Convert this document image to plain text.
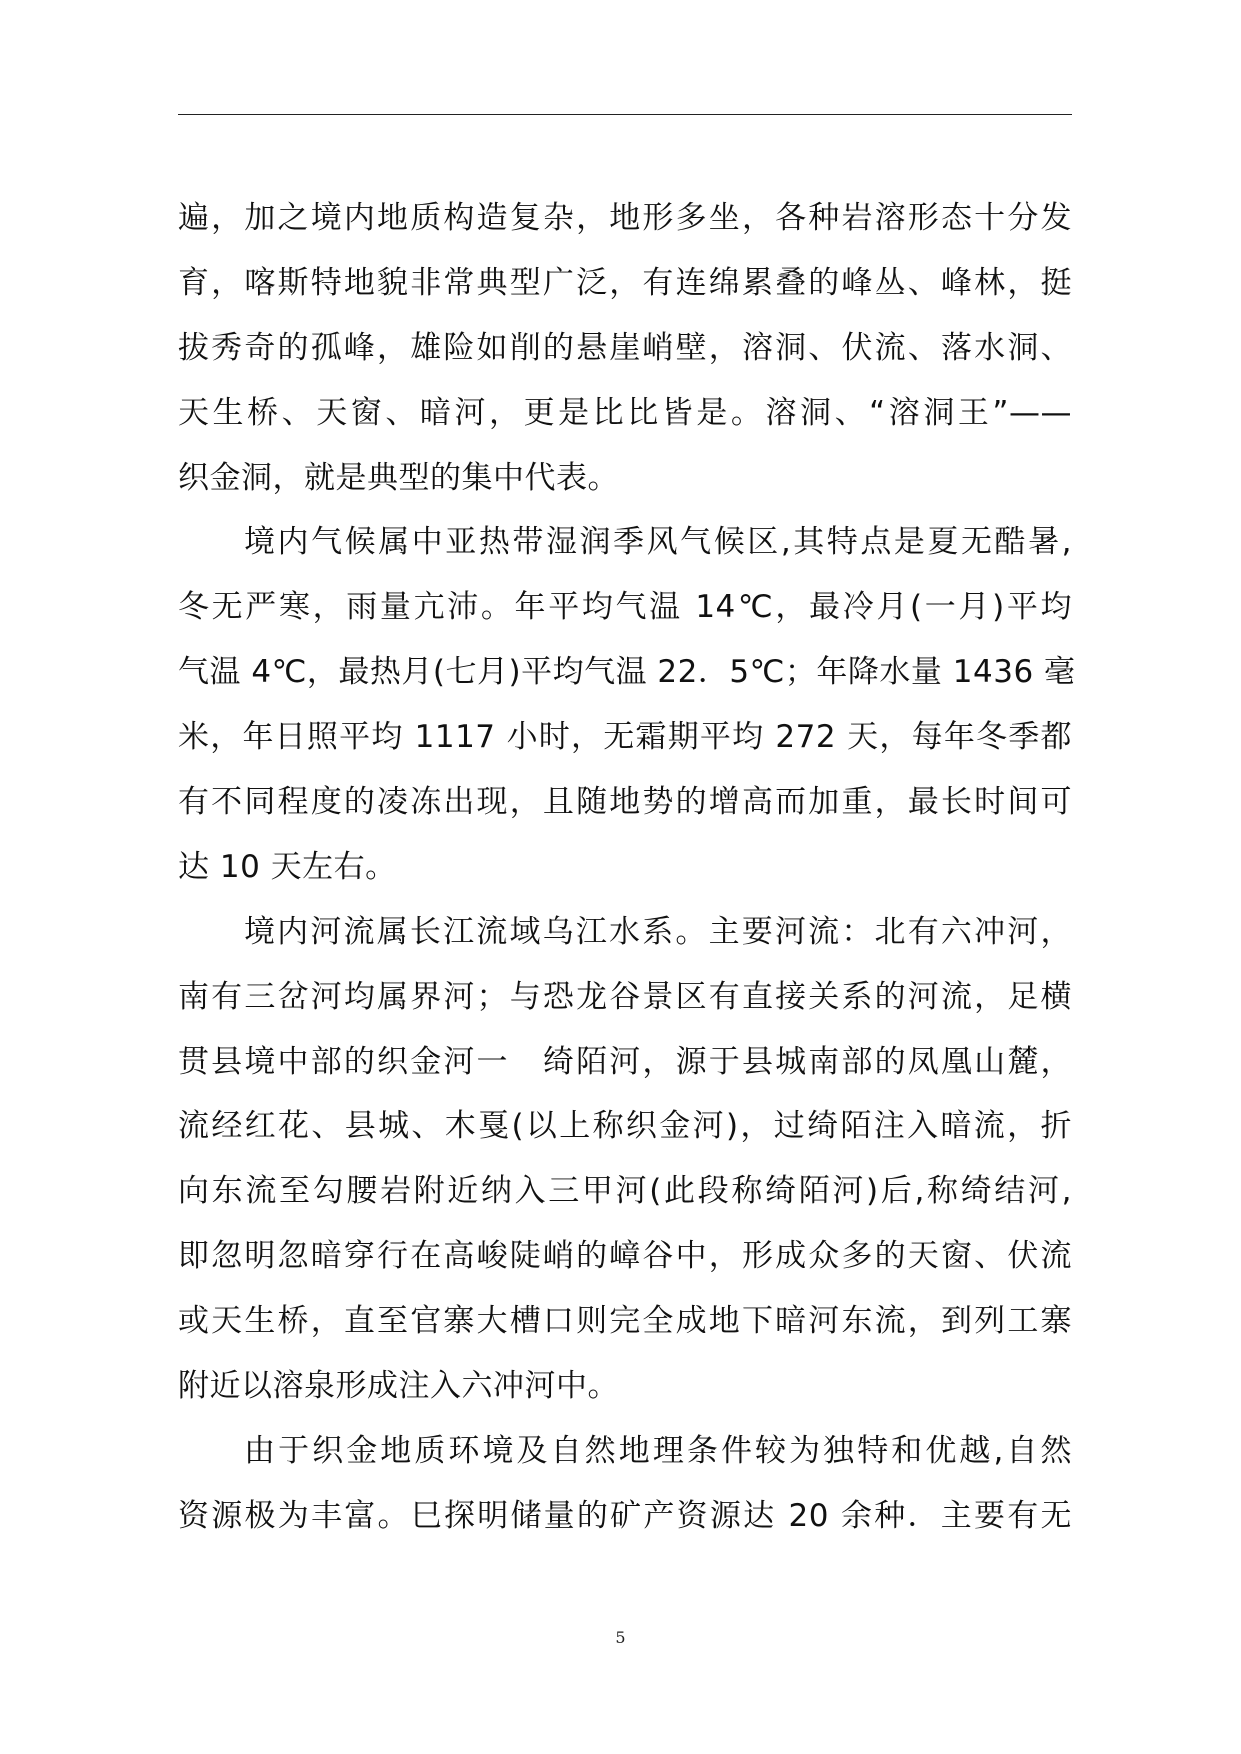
遍，加之境内地质构造复杂，地形多坐，各种岩溶形态十分发
育，喀斯特地貌非常典型广泛，有连绵累叠的峰丛、峰林，挺
拔秀奇的孤峰，雄险如削的悬崖峭壁，溶洞、伏流、落水洞、
天生桥、天窗、暗河，更是比比皆是。溶洞、“溶洞王”——
织金洞，就是典型的集中代表。
境内气候属中亚热带湿润季风气候区,其特点是夏无酷暑,
冬无严寒，雨量亢沛。年平均气温 14℃，最冷月(一月)平均
气温 4℃，最热月(七月)平均气温 22．5℃；年降水量 1436 毫
米，年日照平均 1117 小时，无霜期平均 272 天，每年冬季都
有不同程度的凌冻出现，且随地势的增高而加重，最长时间可
达 10 天左右。
境内河流属长江流域乌江水系。主要河流：北有六冲河，
南有三岔河均属界河；与恐龙谷景区有直接关系的河流，足横
贯县境中部的织金河一　绮陌河，源于县城南部的凤凰山麓，
流经红花、县城、木戛(以上称织金河)，过绮陌注入暗流，折
向东流至勾腰岩附近纳入三甲河(此段称绮陌河)后,称绮结河,
即忽明忽暗穿行在高峻陡峭的嶂谷中，形成众多的天窗、伏流
或天生桥，直至官寨大槽口则完全成地下暗河东流，到列工寨
附近以溶泉形成注入六冲河中。
由于织金地质环境及自然地理条件较为独特和优越,自然
资源极为丰富。巳探明储量的矿产资源达 20 余种．主要有无
5
